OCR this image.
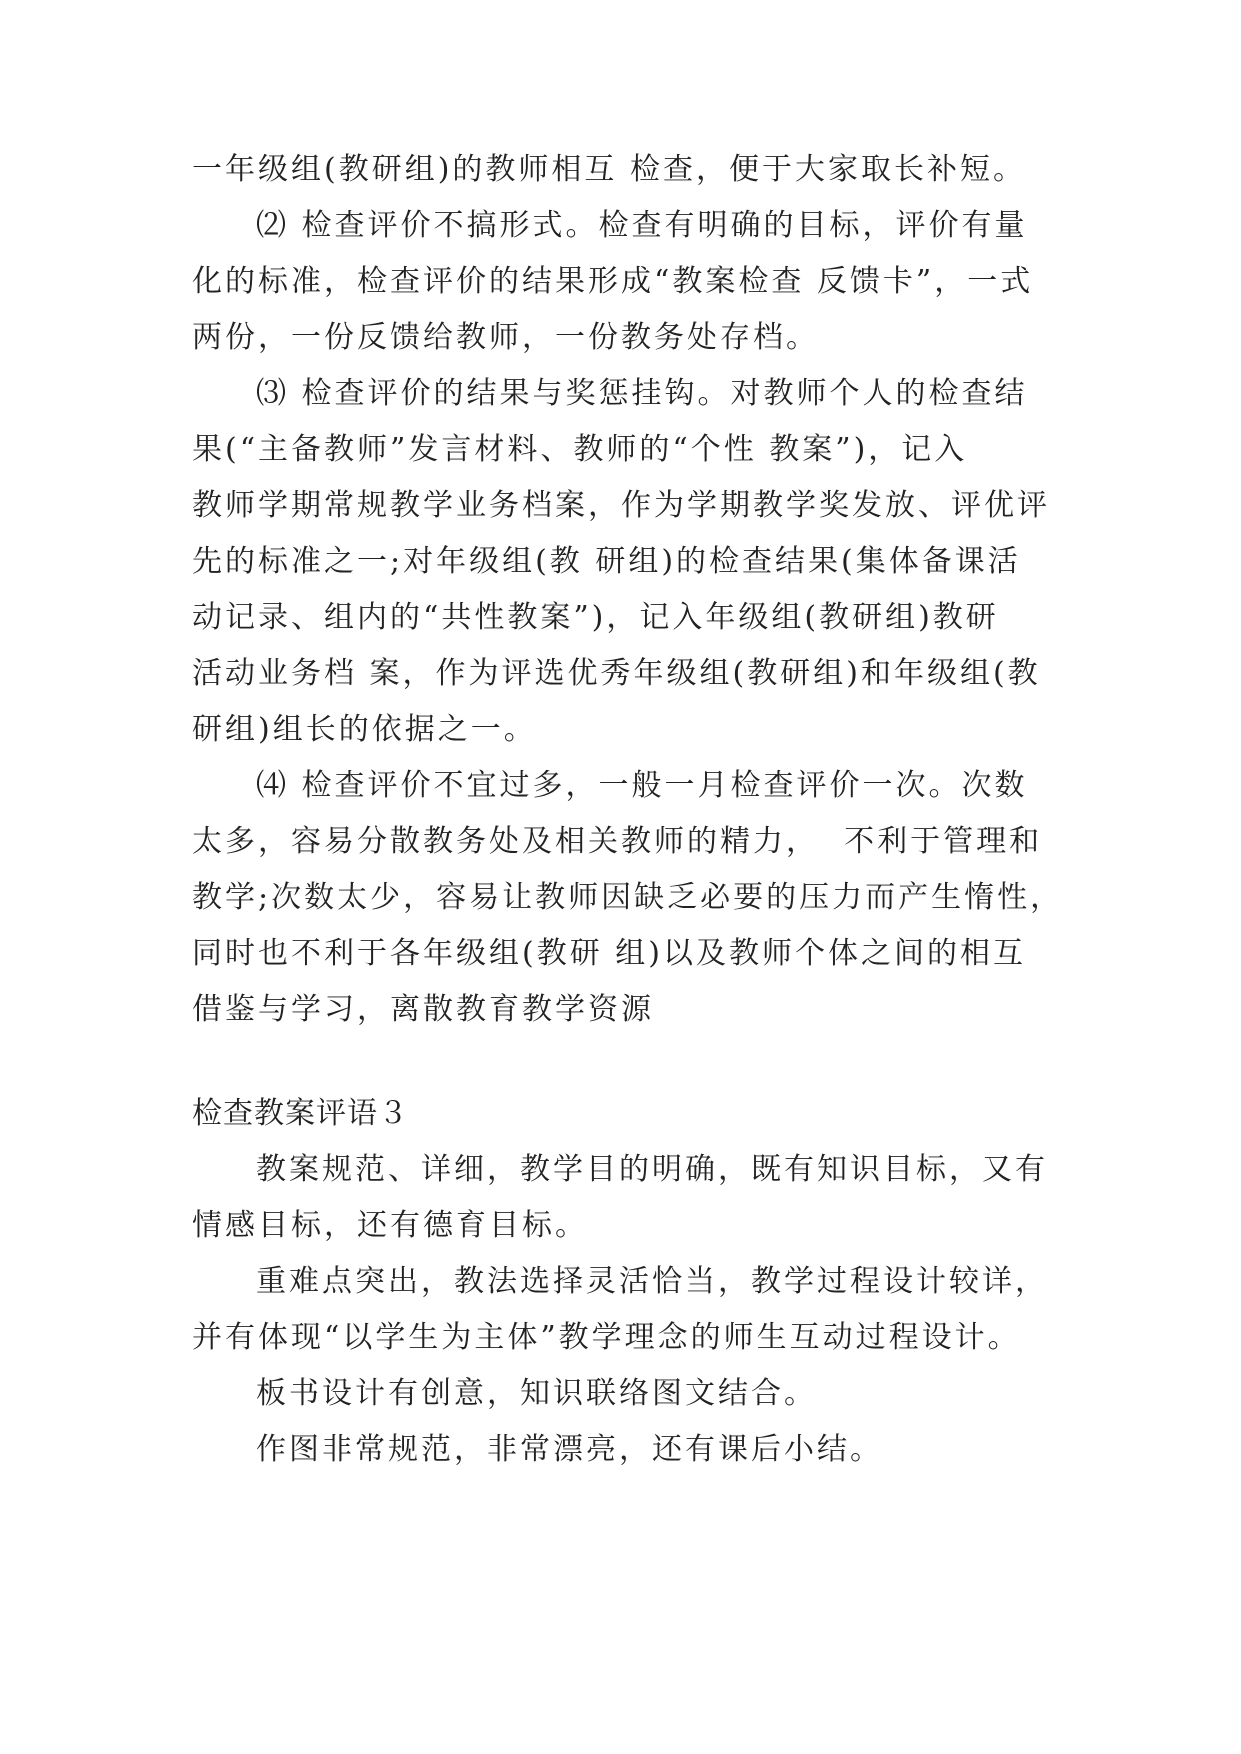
一年级组(教研组)的教师相互 检查，便于大家取长补短。
⑵ 检查评价不搞形式。检查有明确的目标，评价有量
化的标准，检查评价的结果形成“教案检查 反馈卡”，一式
两份，一份反馈给教师，一份教务处存档。
⑶ 检查评价的结果与奖惩挂钩。对教师个人的检查结
果(“主备教师”发言材料、教师的“个性 教案”)，记入
教师学期常规教学业务档案，作为学期教学奖发放、评优评
先的标准之一;对年级组(教 研组)的检查结果(集体备课活
动记录、组内的“共性教案”)，记入年级组(教研组)教研
活动业务档 案，作为评选优秀年级组(教研组)和年级组(教
研组)组长的依据之一。
⑷ 检查评价不宜过多，一般一月检查评价一次。次数
太多，容易分散教务处及相关教师的精力，  不利于管理和
教学;次数太少，容易让教师因缺乏必要的压力而产生惰性，
同时也不利于各年级组(教研 组)以及教师个体之间的相互
借鉴与学习，离散教育教学资源
检查教案评语３
教案规范、详细，教学目的明确，既有知识目标，又有
情感目标，还有德育目标。
重难点突出，教法选择灵活恰当，教学过程设计较详，
并有体现“以学生为主体”教学理念的师生互动过程设计。
板书设计有创意，知识联络图文结合。
作图非常规范，非常漂亮，还有课后小结。
